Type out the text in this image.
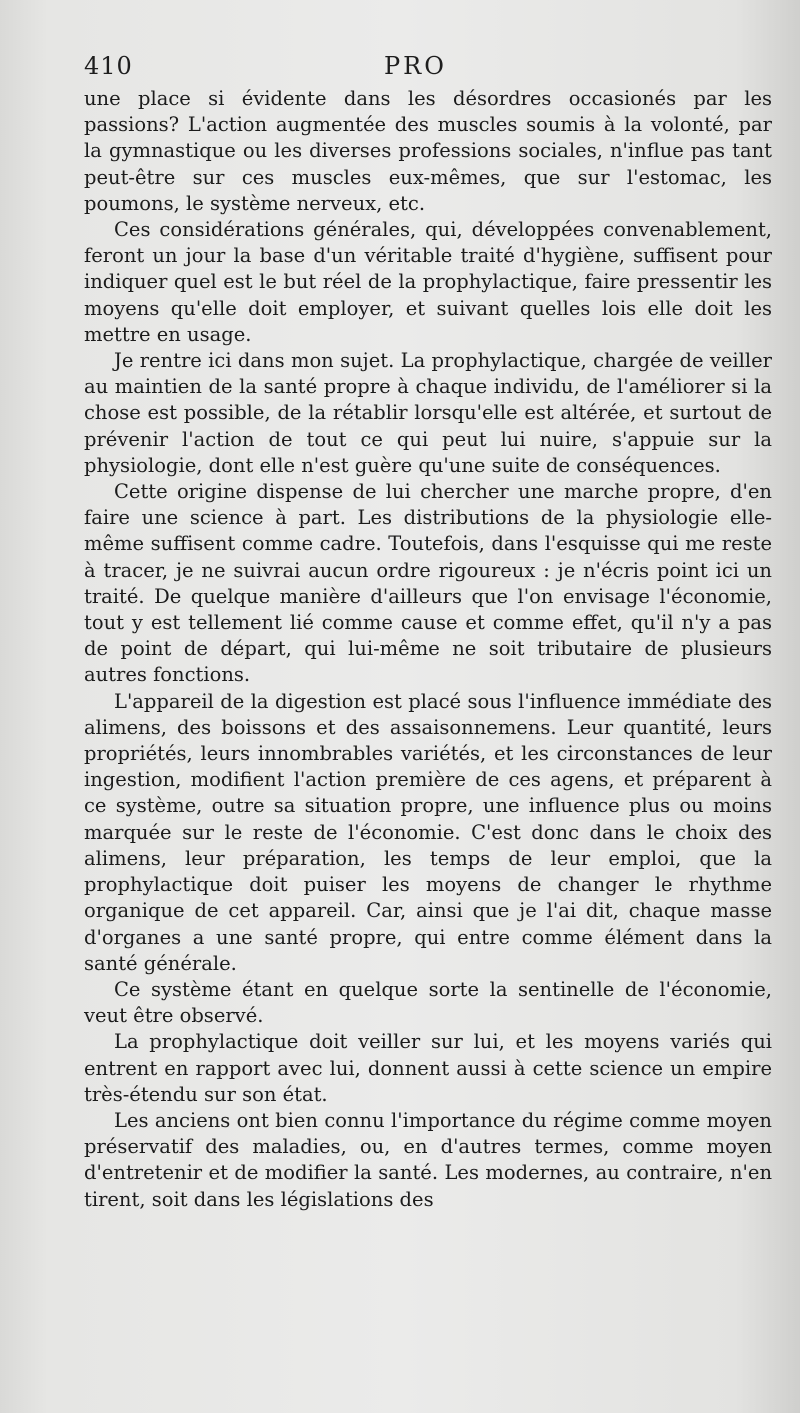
410	PRO

une place si évidente dans les désordres occasionés par les passions? L'action augmentée des muscles soumis à la volonté, par la gymnastique ou les diverses professions sociales, n'influe pas tant peut-être sur ces muscles eux-mêmes, que sur l'estomac, les poumons, le système nerveux, etc.

Ces considérations générales, qui, développées convenablement, feront un jour la base d'un véritable traité d'hygiène, suffisent pour indiquer quel est le but réel de la prophylactique, faire pressentir les moyens qu'elle doit employer, et suivant quelles lois elle doit les mettre en usage.

Je rentre ici dans mon sujet. La prophylactique, chargée de veiller au maintien de la santé propre à chaque individu, de l'améliorer si la chose est possible, de la rétablir lorsqu'elle est altérée, et surtout de prévenir l'action de tout ce qui peut lui nuire, s'appuie sur la physiologie, dont elle n'est guère qu'une suite de conséquences.

Cette origine dispense de lui chercher une marche propre, d'en faire une science à part. Les distributions de la physiologie elle-même suffisent comme cadre. Toutefois, dans l'esquisse qui me reste à tracer, je ne suivrai aucun ordre rigoureux : je n'écris point ici un traité. De quelque manière d'ailleurs que l'on envisage l'économie, tout y est tellement lié comme cause et comme effet, qu'il n'y a pas de point de départ, qui lui-même ne soit tributaire de plusieurs autres fonctions.

L'appareil de la digestion est placé sous l'influence immédiate des alimens, des boissons et des assaisonnemens. Leur quantité, leurs propriétés, leurs innombrables variétés, et les circonstances de leur ingestion, modifient l'action première de ces agens, et préparent à ce système, outre sa situation propre, une influence plus ou moins marquée sur le reste de l'économie. C'est donc dans le choix des alimens, leur préparation, les temps de leur emploi, que la prophylactique doit puiser les moyens de changer le rhythme organique de cet appareil. Car, ainsi que je l'ai dit, chaque masse d'organes a une santé propre, qui entre comme élément dans la santé générale.

Ce système étant en quelque sorte la sentinelle de l'économie, veut être observé.

La prophylactique doit veiller sur lui, et les moyens variés qui entrent en rapport avec lui, donnent aussi à cette science un empire très-étendu sur son état.

Les anciens ont bien connu l'importance du régime comme moyen préservatif des maladies, ou, en d'autres termes, comme moyen d'entretenir et de modifier la santé. Les modernes, au contraire, n'en tirent, soit dans les législations des
